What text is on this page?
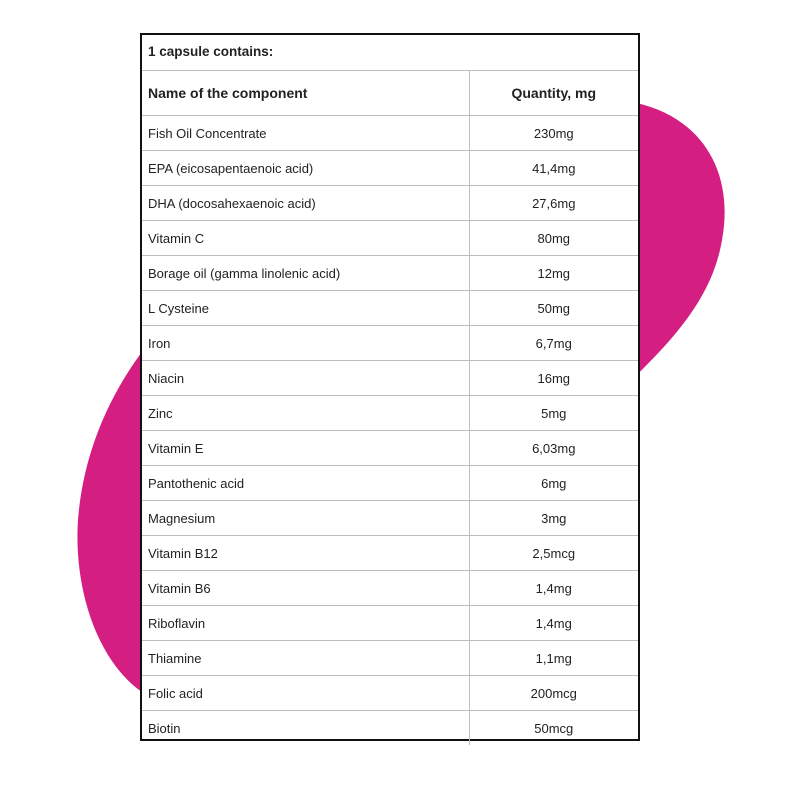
1 capsule contains:
Name of the component	Quantity, mg
Fish Oil Concentrate	230mg
EPA (eicosapentaenoic acid)	41,4mg
DHA (docosahexaenoic acid)	27,6mg
Vitamin C	80mg
Borage oil (gamma linolenic acid)	12mg
L Cysteine	50mg
Iron	6,7mg
Niacin	16mg
Zinc	5mg
Vitamin E	6,03mg
Pantothenic acid	6mg
Magnesium	3mg
Vitamin B12	2,5mcg
Vitamin B6	1,4mg
Riboflavin	1,4mg
Thiamine	1,1mg
Folic acid	200mcg
Biotin	50mcg
